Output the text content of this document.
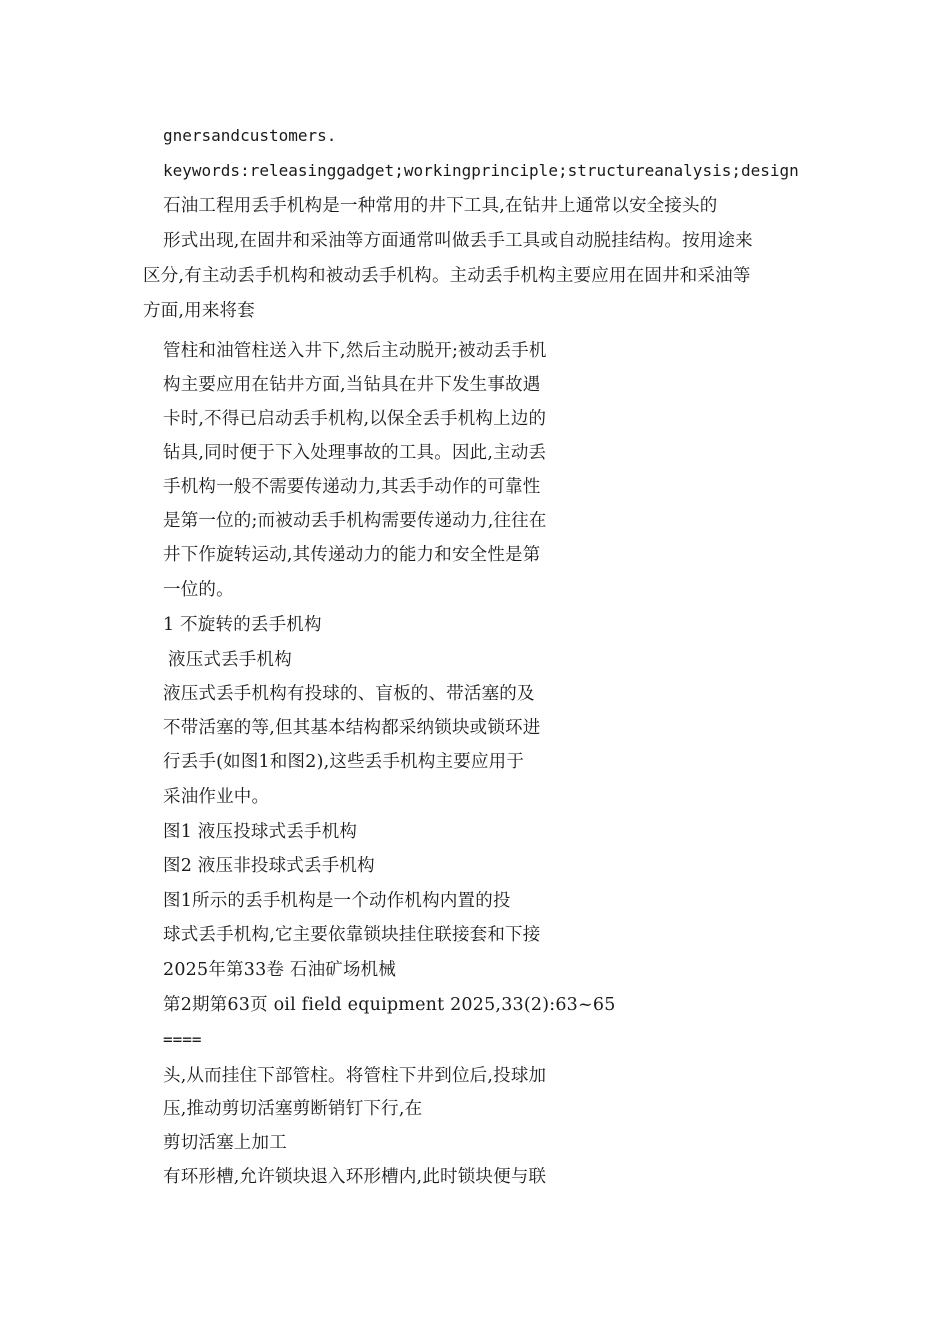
gnersandcustomers.
keywords:releasinggadget;workingprinciple;structureanalysis;design
石油工程用丢手机构是一种常用的井下工具,在钻井上通常以安全接头的
形式出现,在固井和采油等方面通常叫做丢手工具或自动脱挂结构。按用途来
区分,有主动丢手机构和被动丢手机构。主动丢手机构主要应用在固井和采油等
方面,用来将套
管柱和油管柱送入井下,然后主动脱开;被动丢手机
构主要应用在钻井方面,当钻具在井下发生事故遇
卡时,不得已启动丢手机构,以保全丢手机构上边的
钻具,同时便于下入处理事故的工具。因此,主动丢
手机构一般不需要传递动力,其丢手动作的可靠性
是第一位的;而被动丢手机构需要传递动力,往往在
井下作旋转运动,其传递动力的能力和安全性是第
一位的。
1 不旋转的丢手机构
液压式丢手机构
液压式丢手机构有投球的、盲板的、带活塞的及
不带活塞的等,但其基本结构都采纳锁块或锁环进
行丢手(如图1和图2),这些丢手机构主要应用于
采油作业中。
图1 液压投球式丢手机构
图2 液压非投球式丢手机构
图1所示的丢手机构是一个动作机构内置的投
球式丢手机构,它主要依靠锁块挂住联接套和下接
2025年第33卷 石油矿场机械
第2期第63页 oil field equipment 2025,33(2):63~65
====
头,从而挂住下部管柱。将管柱下井到位后,投球加
压,推动剪切活塞剪断销钉下行,在
剪切活塞上加工
有环形槽,允许锁块退入环形槽内,此时锁块便与联
